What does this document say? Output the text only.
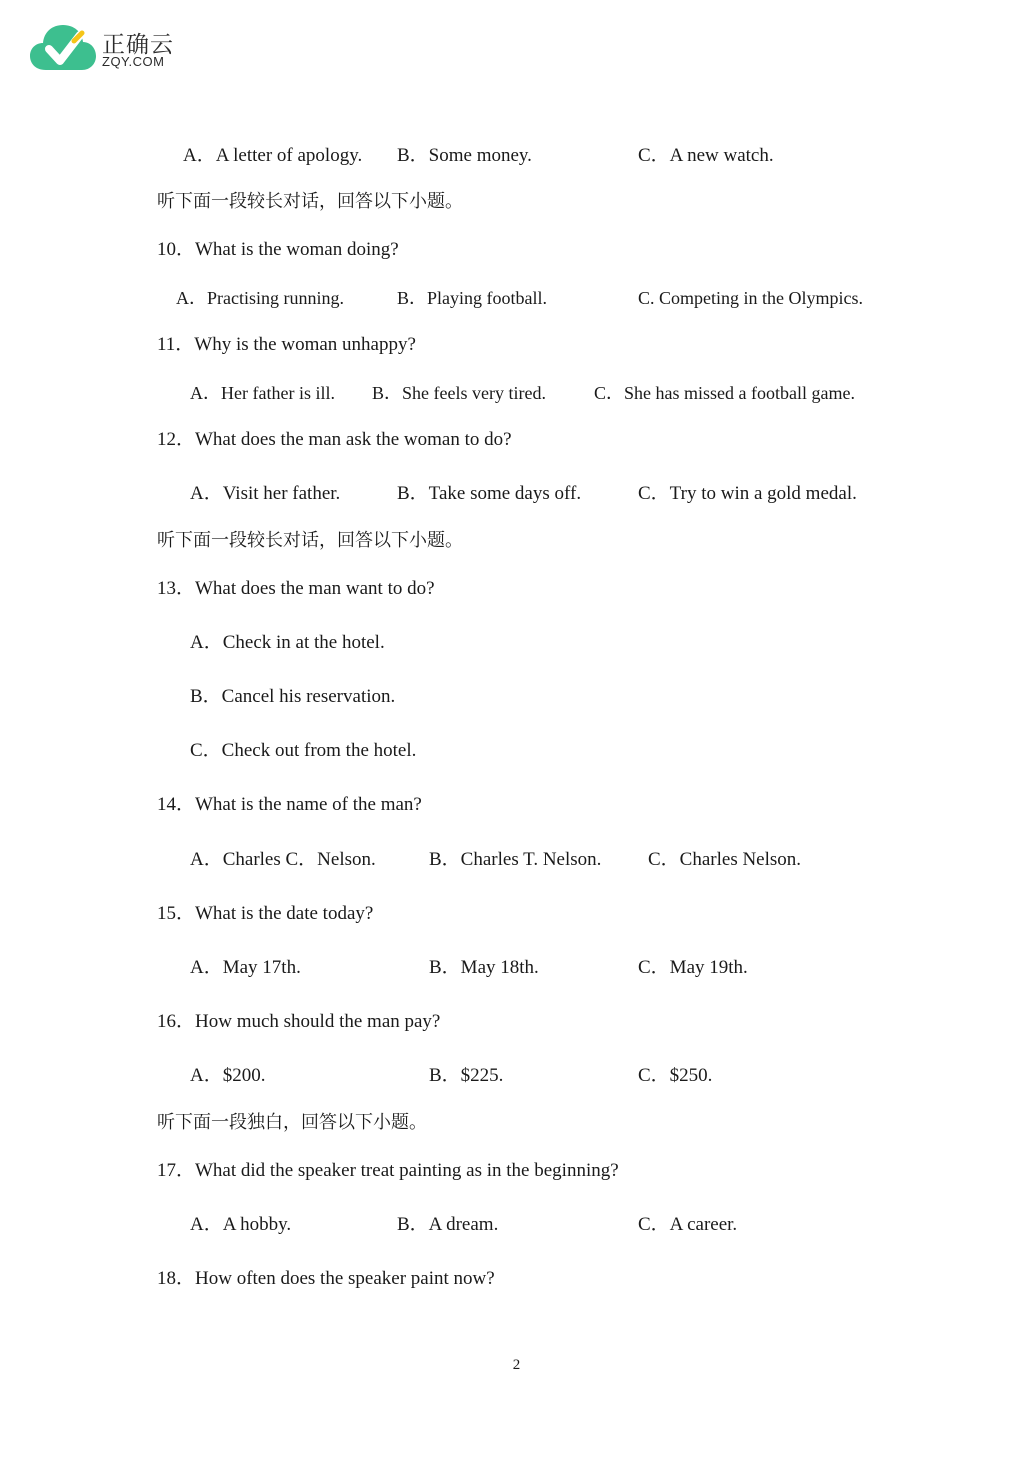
正确云
ZQY.COM
A．A letter of apology. B．Some money.	C．A new watch.
听下面一段较长对话，回答以下小题。
10．What is the woman doing?
A．Practising running.	B．Playing football.	C. Competing in the Olympics.
11．Why is the woman unhappy?
A．Her father is ill. B．She feels very tired.	C．She has missed a football game.
12．What does the man ask the woman to do?
A．Visit her father.	B．Take some days off.	C．Try to win a gold medal.
听下面一段较长对话，回答以下小题。
13．What does the man want to do?
A．Check in at the hotel.
B．Cancel his reservation.
C．Check out from the hotel.
14．What is the name of the man?
A．Charles C．Nelson.	B．Charles T. Nelson. C．Charles Nelson.
15．What is the date today?
A．May 17th.	B．May 18th.	C．May 19th.
16．How much should the man pay?
A．$200.	B．$225.	C．$250.
听下面一段独白，回答以下小题。
17．What did the speaker treat painting as in the beginning?
A．A hobby.	B．A dream.	C．A career.
18．How often does the speaker paint now?
2
